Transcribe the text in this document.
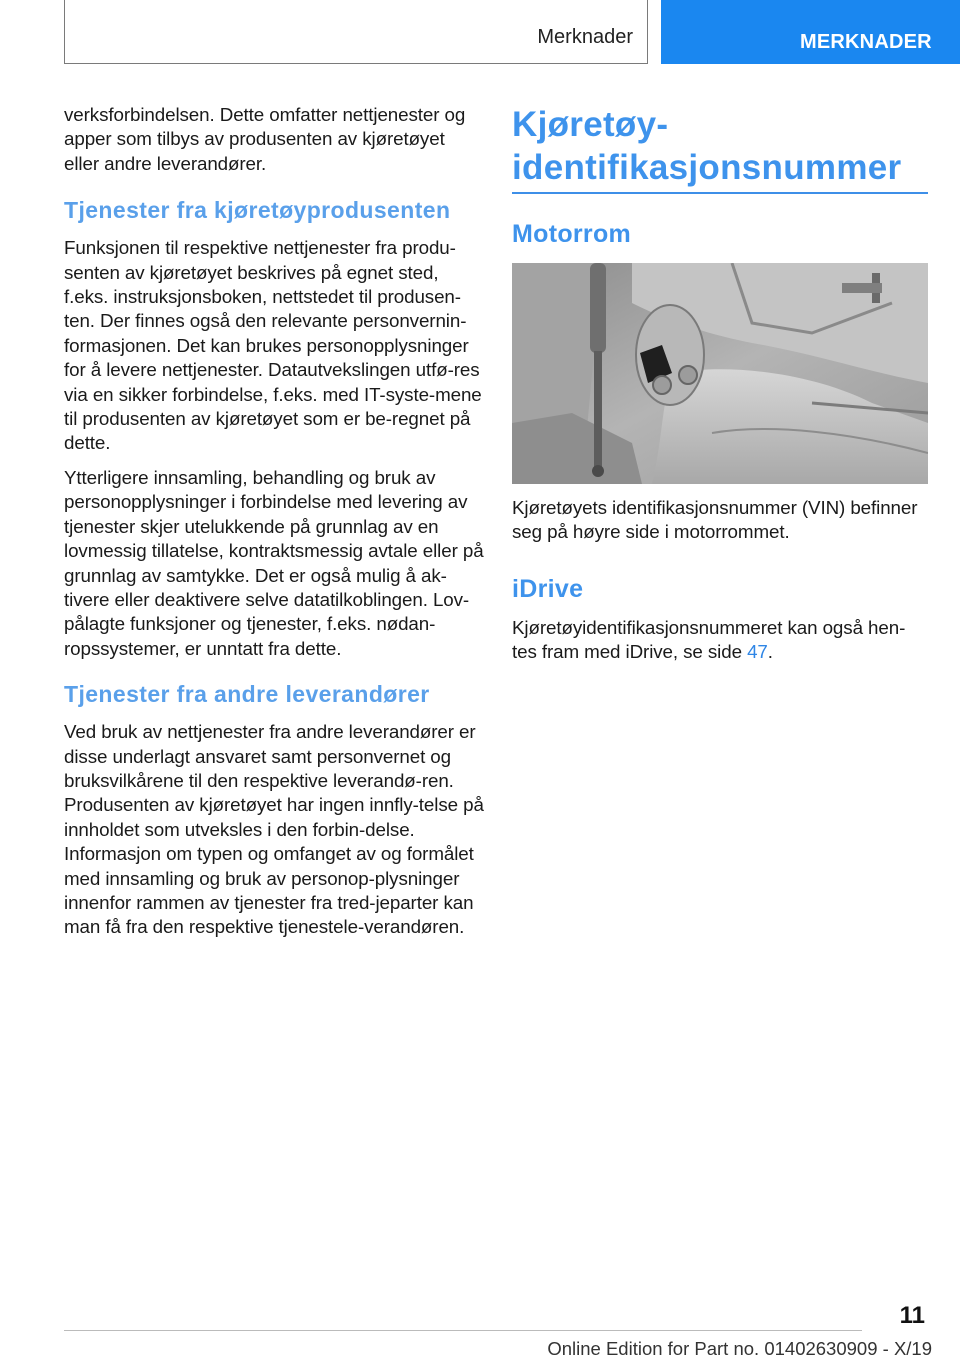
Merknader	MERKNADER

verksforbindelsen. Dette omfatter nettjenester og apper som tilbys av produsenten av kjøretøyet eller andre leverandører.

Tjenester fra kjøretøyprodusenten

Funksjonen til respektive nettjenester fra produ-senten av kjøretøyet beskrives på egnet sted, f.eks. instruksjonsboken, nettstedet til produsen-ten. Der finnes også den relevante personvernin-formasjonen. Det kan brukes personopplysninger for å levere nettjenester. Datautvekslingen utfø-res via en sikker forbindelse, f.eks. med IT-syste-mene til produsenten av kjøretøyet som er be-regnet på dette.

Ytterligere innsamling, behandling og bruk av personopplysninger i forbindelse med levering av tjenester skjer utelukkende på grunnlag av en lovmessig tillatelse, kontraktsmessig avtale eller på grunnlag av samtykke. Det er også mulig å ak-tivere eller deaktivere selve datatilkoblingen. Lov-pålagte funksjoner og tjenester, f.eks. nødan-ropssystemer, er unntatt fra dette.

Tjenester fra andre leverandører

Ved bruk av nettjenester fra andre leverandører er disse underlagt ansvaret samt personvernet og bruksvilkårene til den respektive leverandø-ren. Produsenten av kjøretøyet har ingen innfly-telse på innholdet som utveksles i den forbin-delse. Informasjon om typen og omfanget av og formålet med innsamling og bruk av personop-plysninger innenfor rammen av tjenester fra tred-jeparter kan man få fra den respektive tjenestele-verandøren.

Kjøretøy-
identifikasjonsnummer
Motorrom

Kjøretøyets identifikasjonsnummer (VIN) befinner seg på høyre side i motorrommet.

iDrive

Kjøretøyidentifikasjonsnummeret kan også hen-tes fram med iDrive, se side 47.

11
Online Edition for Part no. 01402630909 - X/19
